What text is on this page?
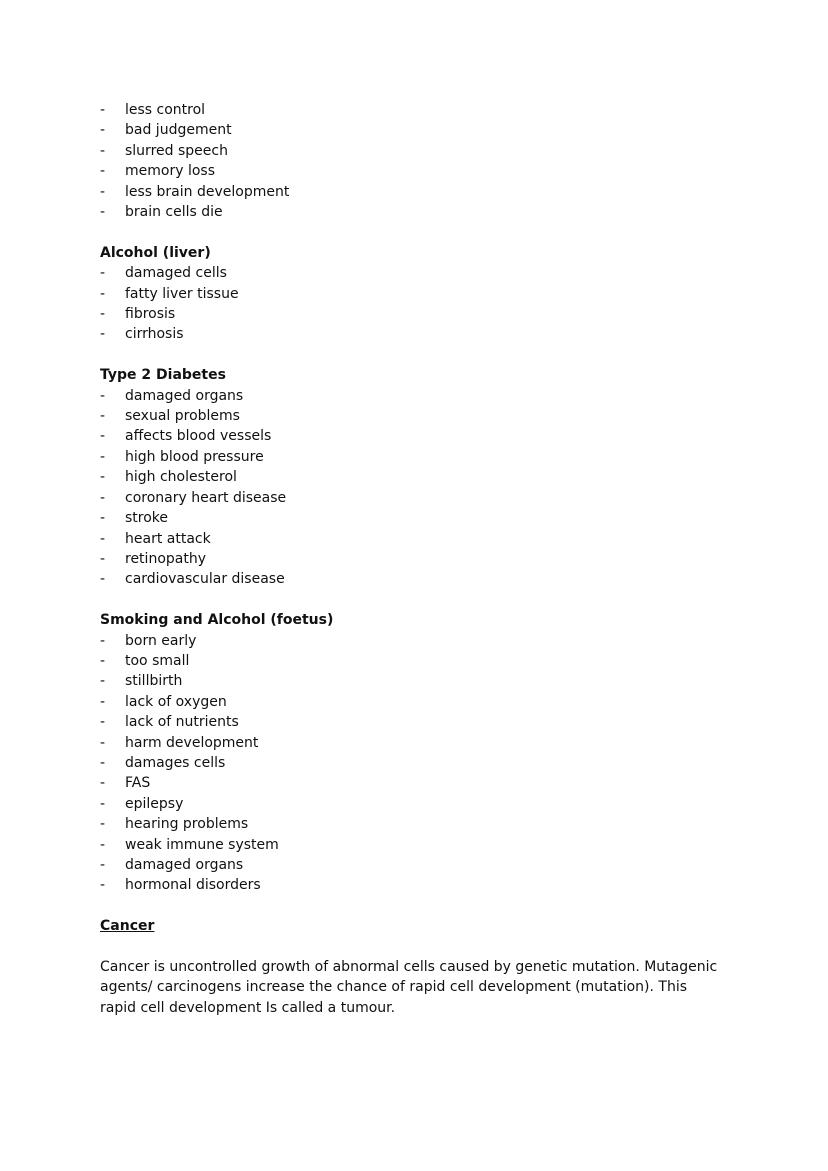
-	less control
-	bad judgement
-	slurred speech
-	memory loss
-	less brain development
-	brain cells die

Alcohol (liver)

-	damaged cells
-	fatty liver tissue
-	fibrosis
-	cirrhosis

Type 2 Diabetes

-	damaged organs
-	sexual problems
-	affects blood vessels
-	high blood pressure
-	high cholesterol
-	coronary heart disease
-	stroke
-	heart attack
-	retinopathy
-	cardiovascular disease

Smoking and Alcohol (foetus)

-	born early
-	too small
-	stillbirth
-	lack of oxygen
-	lack of nutrients
-	harm development
-	damages cells
-	FAS
-	epilepsy
-	hearing problems
-	weak immune system
-	damaged organs
-	hormonal disorders

Cancer

Cancer is uncontrolled growth of abnormal cells caused by genetic mutation. Mutagenic agents/ carcinogens increase the chance of rapid cell development (mutation). This rapid cell development Is called a tumour.
